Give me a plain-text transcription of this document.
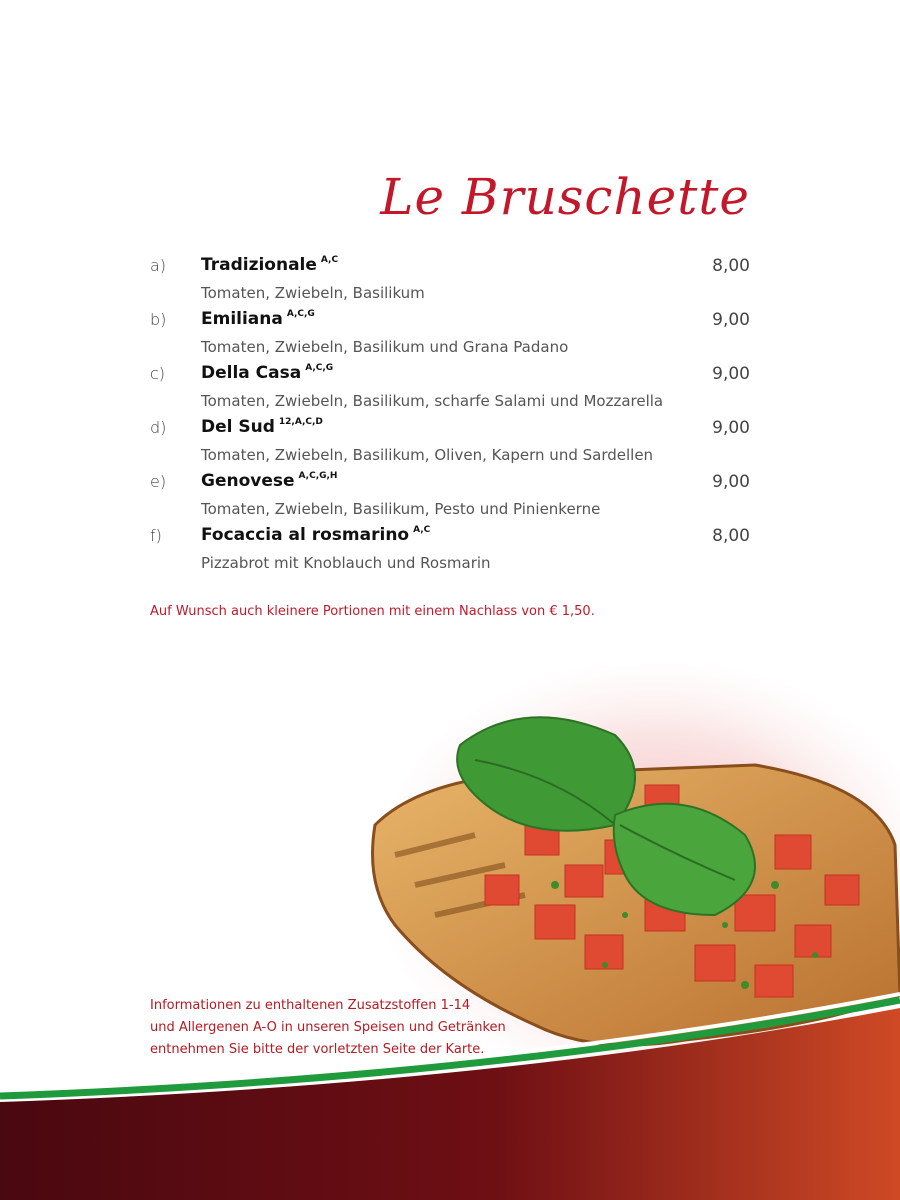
Le Bruschette
a) Tradizionale $^{A,C}$	8,00
Tomaten, Zwiebeln, Basilikum
b) Emiliana $^{A,C,G}$	9,00
Tomaten, Zwiebeln, Basilikum und Grana Padano
c) Della Casa $^{A,C,G}$	9,00
Tomaten, Zwiebeln, Basilikum, scharfe Salami und Mozzarella
d) Del Sud $^{12,A,C,D}$	9,00
Tomaten, Zwiebeln, Basilikum, Oliven, Kapern und Sardellen
e) Genovese $^{A,C,G,H}$	9,00
Tomaten, Zwiebeln, Basilikum, Pesto und Pinienkerne
f) Focaccia al rosmarino $^{A,C}$	8,00
Pizzabrot mit Knoblauch und Rosmarin
Auf Wunsch auch kleinere Portionen mit einem Nachlass von € 1,50.
Informationen zu enthaltenen Zusatzstoffen 1-14
und Allergenen A-O in unseren Speisen und Getränken
entnehmen Sie bitte der vorletzten Seite der Karte.
